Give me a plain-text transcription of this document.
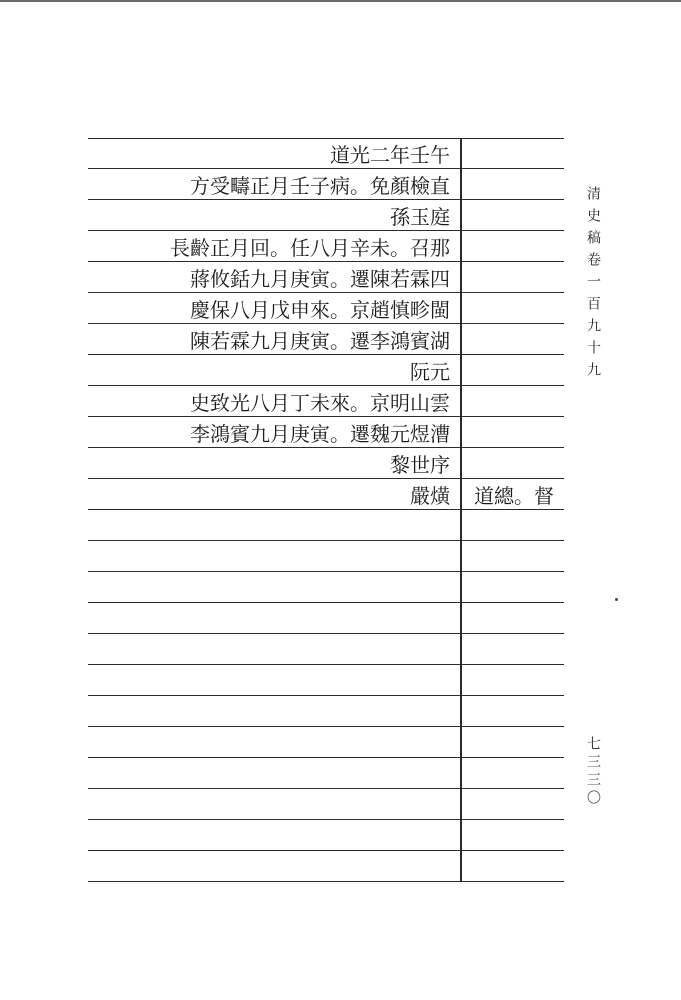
道光二年壬午
方受疇正月壬子病。免顏檢直
孫玉庭
長齡正月回。任八月辛未。召那
蔣攸銛九月庚寅。遷陳若霖四
慶保八月戊申來。京趙慎畛閩
陳若霖九月庚寅。遷李鴻賓湖
阮元
史致光八月丁未來。京明山雲
李鴻賓九月庚寅。遷魏元煜漕
黎世序
嚴熿	道總。督
清史稿卷一百九十九
七三三〇
